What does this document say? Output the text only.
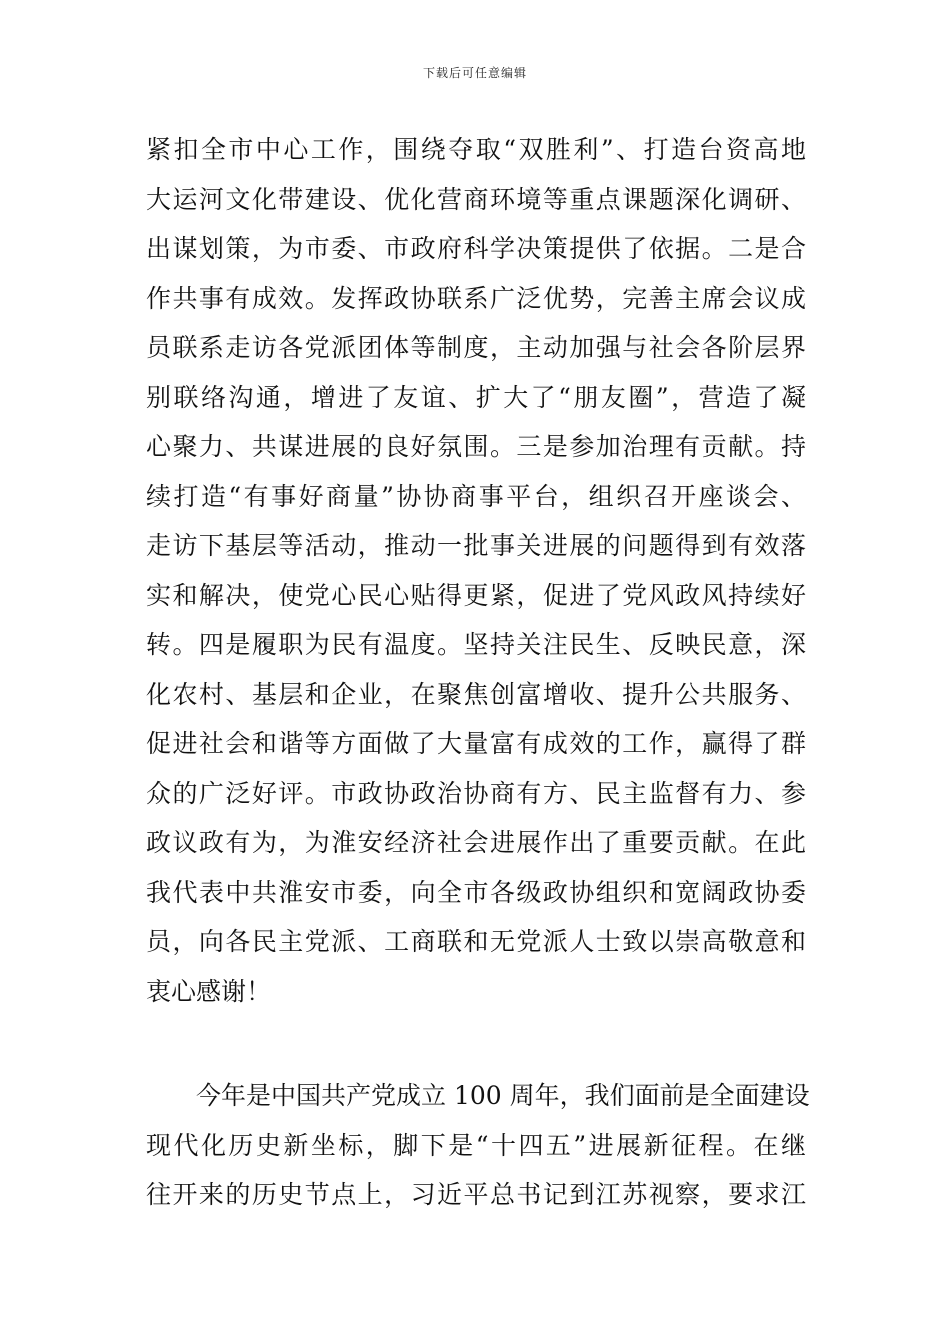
下载后可任意编辑
紧扣全市中心工作，围绕夺取“双胜利”、打造台资高地
大运河文化带建设、优化营商环境等重点课题深化调研、
出谋划策，为市委、市政府科学决策提供了依据。二是合
作共事有成效。发挥政协联系广泛优势，完善主席会议成
员联系走访各党派团体等制度，主动加强与社会各阶层界
别联络沟通，增进了友谊、扩大了“朋友圈”，营造了凝
心聚力、共谋进展的良好氛围。三是参加治理有贡献。持
续打造“有事好商量”协协商事平台，组织召开座谈会、
走访下基层等活动，推动一批事关进展的问题得到有效落
实和解决，使党心民心贴得更紧，促进了党风政风持续好
转。四是履职为民有温度。坚持关注民生、反映民意，深
化农村、基层和企业，在聚焦创富增收、提升公共服务、
促进社会和谐等方面做了大量富有成效的工作，赢得了群
众的广泛好评。市政协政治协商有方、民主监督有力、参
政议政有为，为淮安经济社会进展作出了重要贡献。在此
我代表中共淮安市委，向全市各级政协组织和宽阔政协委
员，向各民主党派、工商联和无党派人士致以崇高敬意和
衷心感谢！
　　今年是中国共产党成立 100 周年，我们面前是全面建设
现代化历史新坐标，脚下是“十四五”进展新征程。在继
往开来的历史节点上，习近平总书记到江苏视察，要求江
